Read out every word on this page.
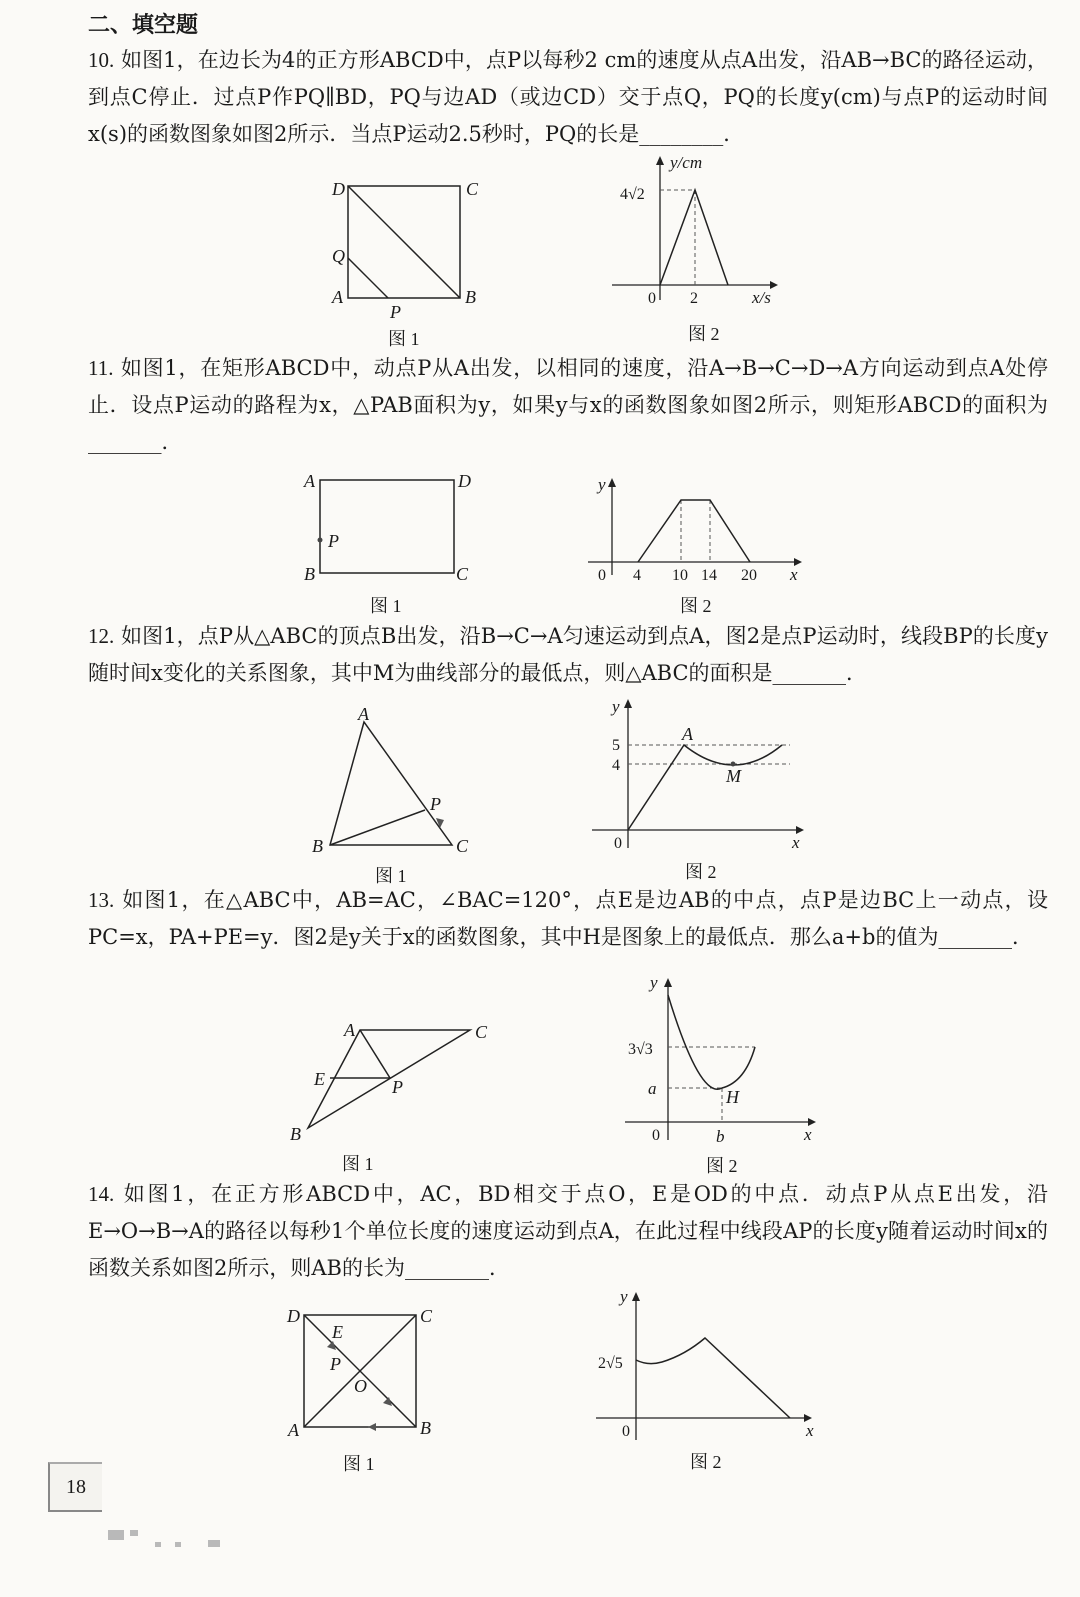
二、填空题

10. 如图1，在边长为4的正方形ABCD中，点P以每秒2 cm的速度从点A出发，沿AB→BC的路径运动，到点C停止．过点P作PQ∥BD，PQ与边AD（或边CD）交于点Q，PQ的长度y(cm)与点P的运动时间x(s)的函数图象如图2所示．当点P运动2.5秒时，PQ的长是________．

D	C
Q
A
P
B
图 1
y/cm
4√2
0 2	x/s
图 2

11. 如图1，在矩形ABCD中，动点P从A出发，以相同的速度，沿A→B→C→D→A方向运动到点A处停止．设点P运动的路程为x，△PAB面积为y，如果y与x的函数图象如图2所示，则矩形ABCD的面积为_______．

A	D
P
B	C
图 1
y
0 4 10 14 20 x
图 2

12. 如图1，点P从△ABC的顶点B出发，沿B→C→A匀速运动到点A，图2是点P运动时，线段BP的长度y随时间x变化的关系图象，其中M为曲线部分的最低点，则△ABC的面积是_______．

A
P
B	C
图 1
y
5
4
A
M
0	x
图 2

13. 如图1，在△ABC中，AB=AC，∠BAC=120°，点E是边AB的中点，点P是边BC上一动点，设PC=x，PA+PE=y．图2是y关于x的函数图象，其中H是图象上的最低点．那么a+b的值为_______．

A	C
E	P
B
图 1
y
3√3
a	H
0	b	x
图 2

14. 如图1，在正方形ABCD中，AC，BD相交于点O，E是OD的中点．动点P从点E出发，沿E→O→B→A的路径以每秒1个单位长度的速度运动到点A，在此过程中线段AP的长度y随着运动时间x的函数关系如图2所示，则AB的长为________．

D	C
E
P
O
A	B
图 1
y
2√5
0	x
图 2
18
